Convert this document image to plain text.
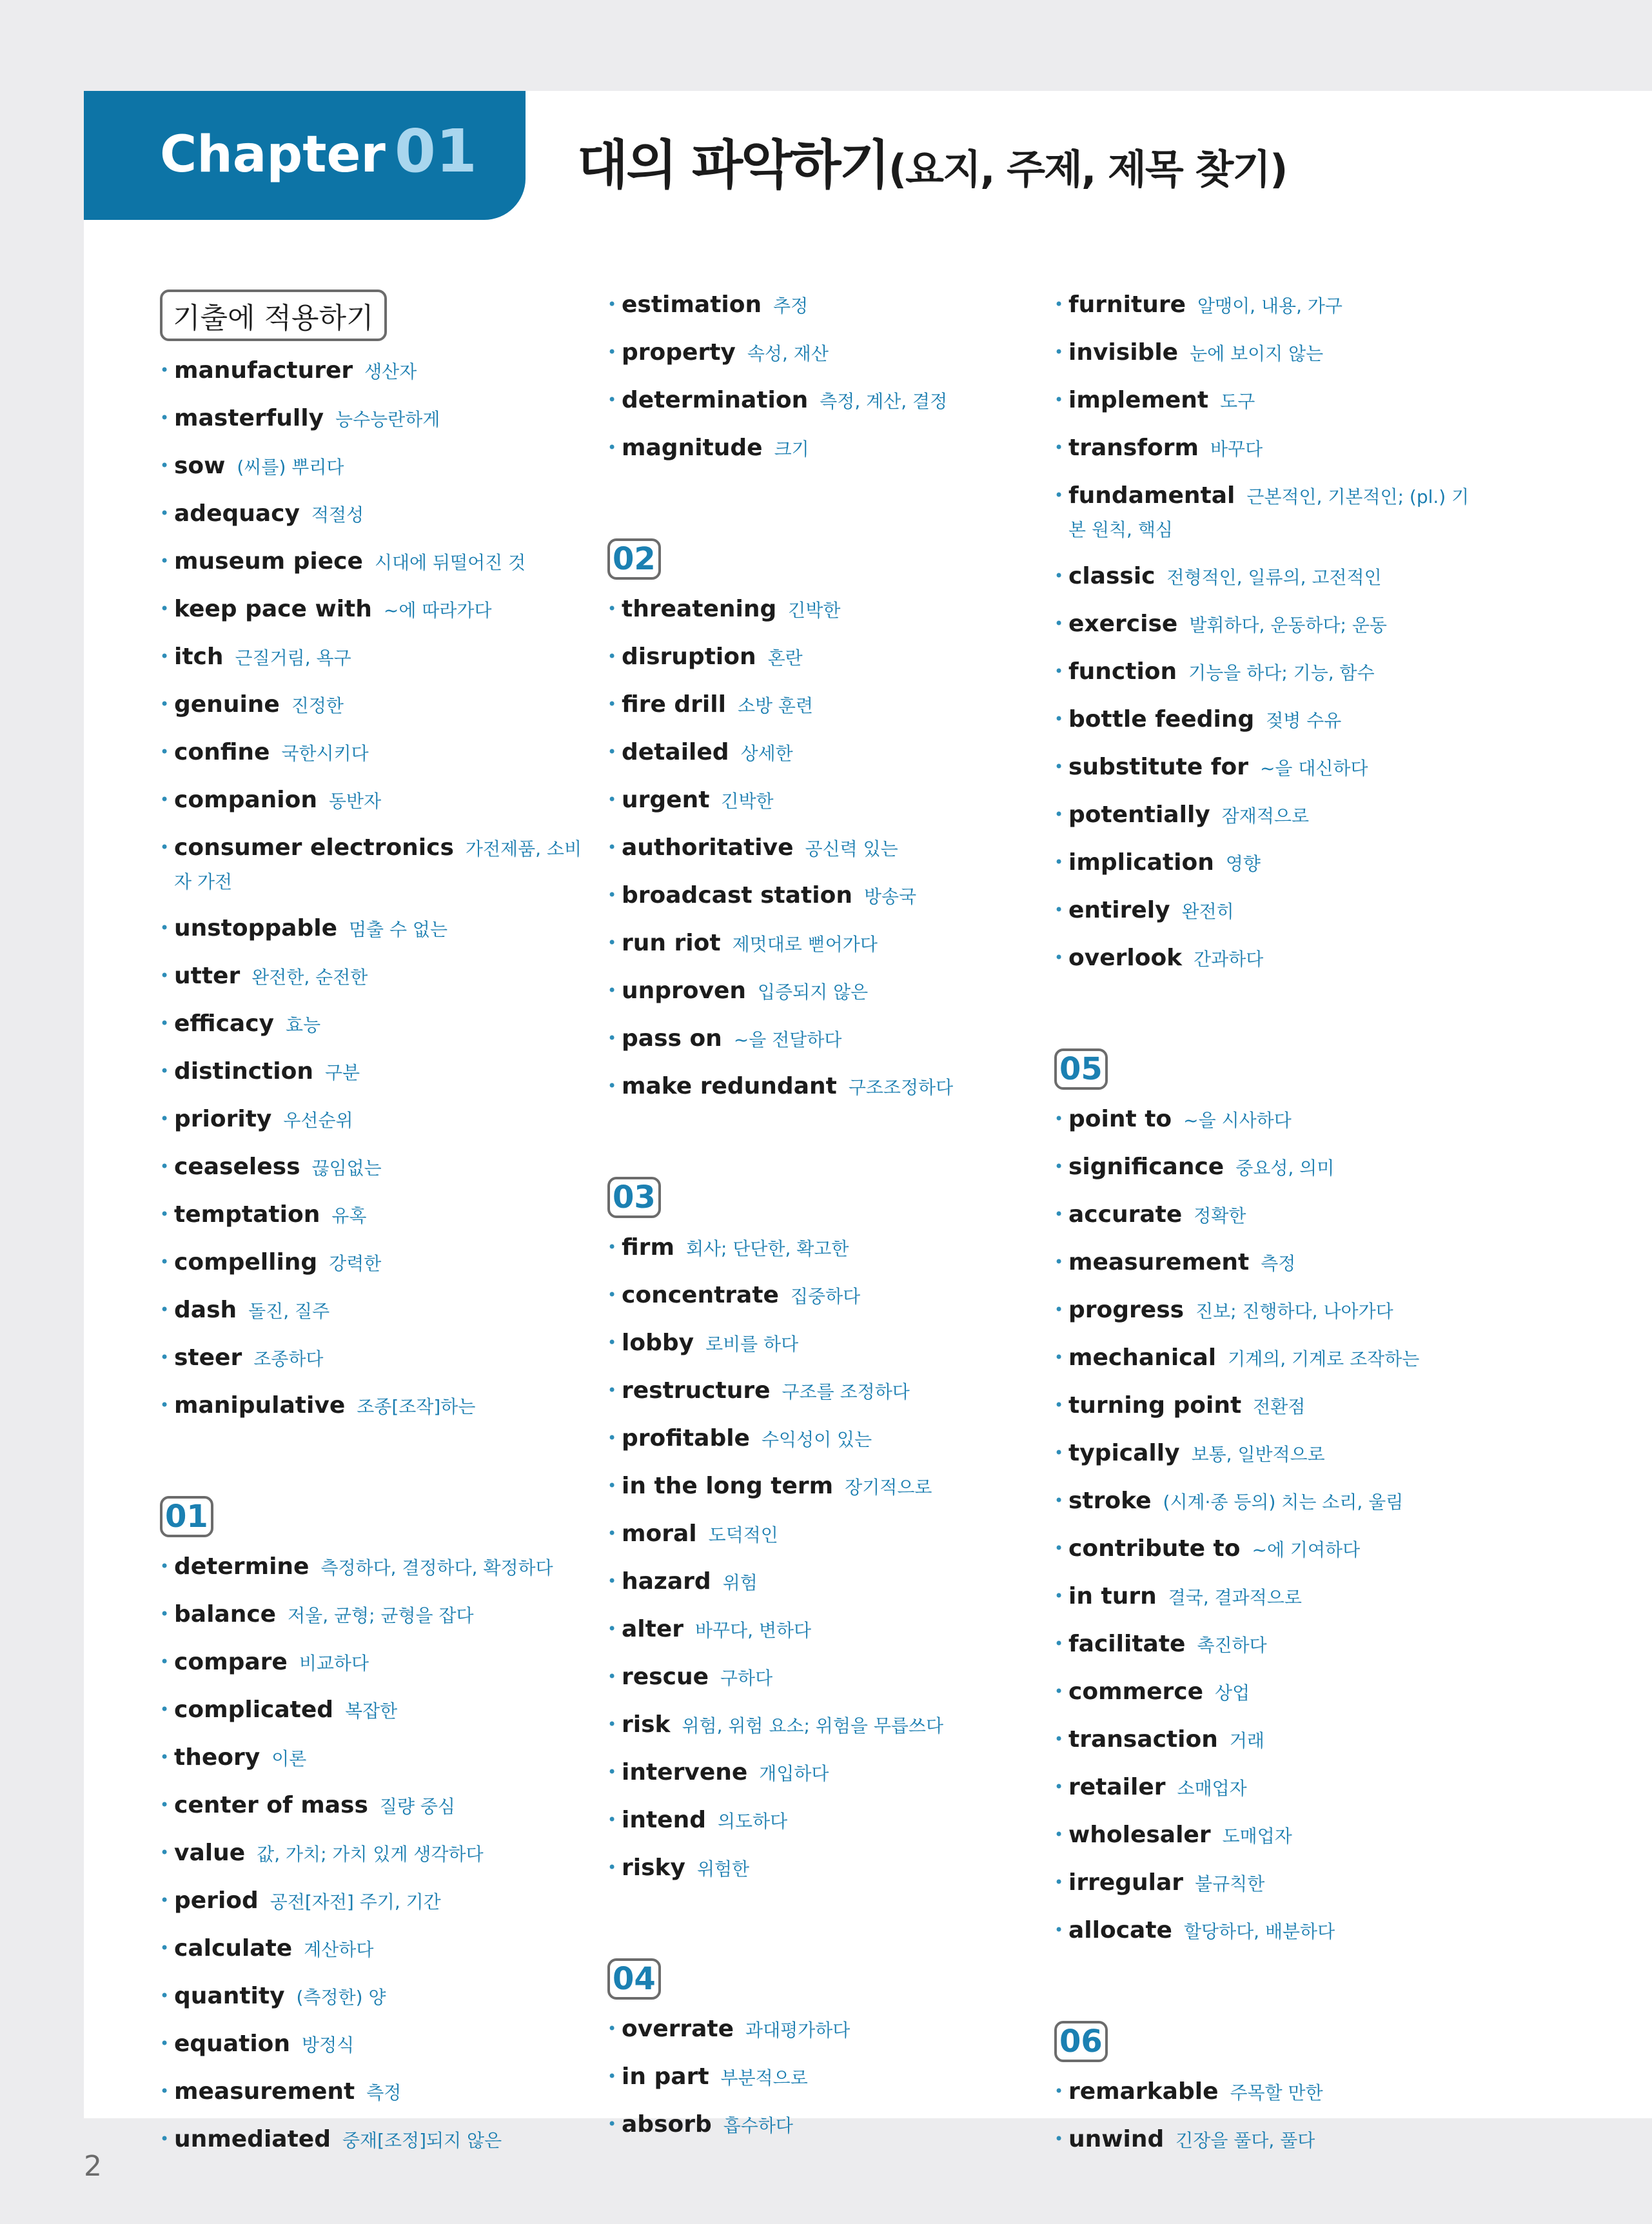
Chapter 01 대의 파악하기(요지, 주제, 제목 찾기)
기출에 적용하기
• manufacturer 생산자
• masterfully 능수능란하게
• sow (씨를) 뿌리다
• adequacy 적절성
• museum piece 시대에 뒤떨어진 것
• keep pace with ~에 따라가다
• itch 근질거림, 욕구
• genuine 진정한
• confine 국한시키다
• companion 동반자
• consumer electronics 가전제품, 소비자 가전
• unstoppable 멈출 수 없는
• utter 완전한, 순전한
• efficacy 효능
• distinction 구분
• priority 우선순위
• ceaseless 끊임없는
• temptation 유혹
• compelling 강력한
• dash 돌진, 질주
• steer 조종하다
• manipulative 조종[조작]하는
01
• determine 측정하다, 결정하다, 확정하다
• balance 저울, 균형; 균형을 잡다
• compare 비교하다
• complicated 복잡한
• theory 이론
• center of mass 질량 중심
• value 값, 가치; 가치 있게 생각하다
• period 공전[자전] 주기, 기간
• calculate 계산하다
• quantity (측정한) 양
• equation 방정식
• measurement 측정
• unmediated 중재[조정]되지 않은
• estimation 추정
• property 속성, 재산
• determination 측정, 계산, 결정
• magnitude 크기
02
• threatening 긴박한
• disruption 혼란
• fire drill 소방 훈련
• detailed 상세한
• urgent 긴박한
• authoritative 공신력 있는
• broadcast station 방송국
• run riot 제멋대로 뻗어가다
• unproven 입증되지 않은
• pass on ~을 전달하다
• make redundant 구조조정하다
03
• firm 회사; 단단한, 확고한
• concentrate 집중하다
• lobby 로비를 하다
• restructure 구조를 조정하다
• profitable 수익성이 있는
• in the long term 장기적으로
• moral 도덕적인
• hazard 위험
• alter 바꾸다, 변하다
• rescue 구하다
• risk 위험, 위험 요소; 위험을 무릅쓰다
• intervene 개입하다
• intend 의도하다
• risky 위험한
04
• overrate 과대평가하다
• in part 부분적으로
• absorb 흡수하다
• furniture 알맹이, 내용, 가구
• invisible 눈에 보이지 않는
• implement 도구
• transform 바꾸다
• fundamental 근본적인, 기본적인; (pl.) 기본 원칙, 핵심
• classic 전형적인, 일류의, 고전적인
• exercise 발휘하다, 운동하다; 운동
• function 기능을 하다; 기능, 함수
• bottle feeding 젖병 수유
• substitute for ~을 대신하다
• potentially 잠재적으로
• implication 영향
• entirely 완전히
• overlook 간과하다
05
• point to ~을 시사하다
• significance 중요성, 의미
• accurate 정확한
• measurement 측정
• progress 진보; 진행하다, 나아가다
• mechanical 기계의, 기계로 조작하는
• turning point 전환점
• typically 보통, 일반적으로
• stroke (시계·종 등의) 치는 소리, 울림
• contribute to ~에 기여하다
• in turn 결국, 결과적으로
• facilitate 촉진하다
• commerce 상업
• transaction 거래
• retailer 소매업자
• wholesaler 도매업자
• irregular 불규칙한
• allocate 할당하다, 배분하다
06
• remarkable 주목할 만한
• unwind 긴장을 풀다, 풀다
2
